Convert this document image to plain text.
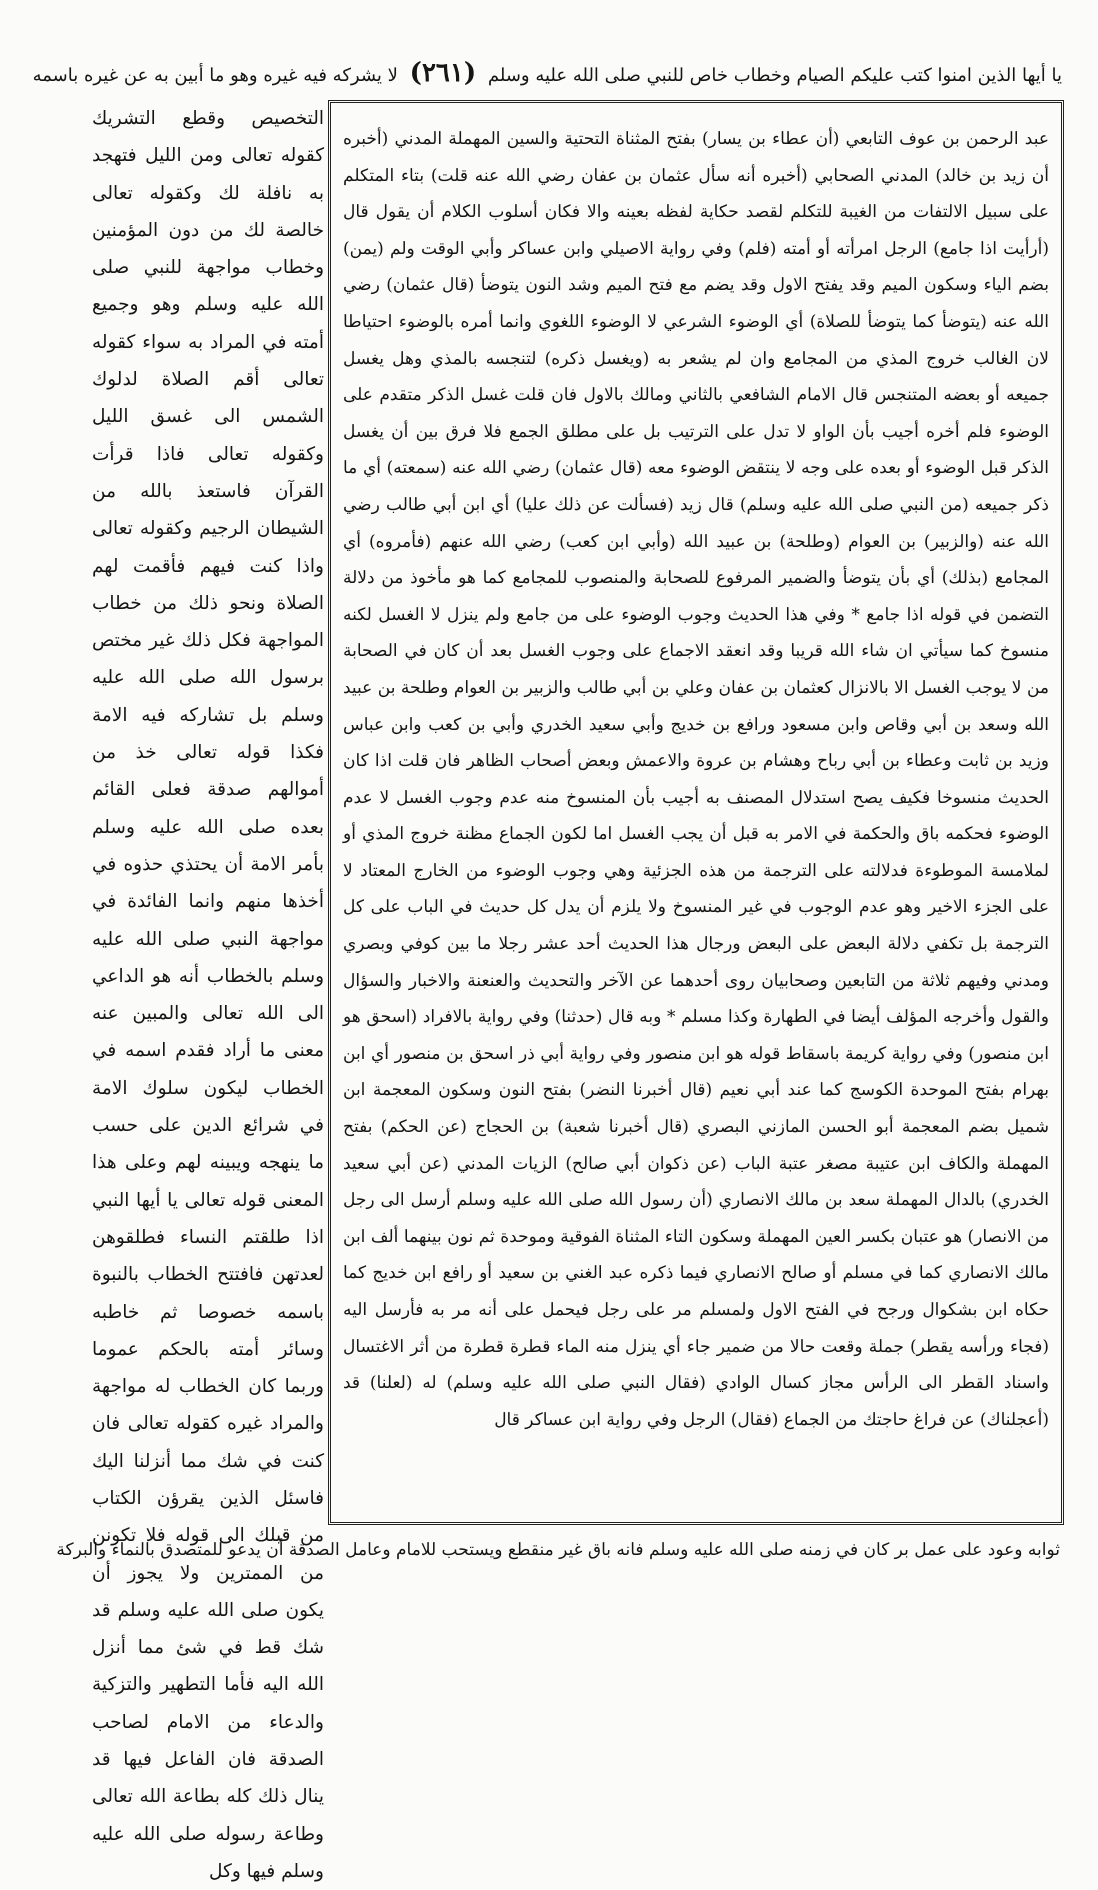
يا أيها الذين امنوا كتب عليكم الصيام وخطاب خاص للنبي صلى الله عليه وسلم (٢٦١) لا يشركه فيه غيره وهو ما أبين به عن غيره باسمه

التخصيص وقطع التشريك كقوله تعالى ومن الليل فتهجد به نافلة لك وكقوله تعالى خالصة لك من دون المؤمنين وخطاب مواجهة للنبي صلى الله عليه وسلم وهو وجميع أمته في المراد به سواء كقوله تعالى أقم الصلاة لدلوك الشمس الى غسق الليل وكقوله تعالى فاذا قرأت القرآن فاستعذ بالله من الشيطان الرجيم وكقوله تعالى واذا كنت فيهم فأقمت لهم الصلاة ونحو ذلك من خطاب المواجهة فكل ذلك غير مختص برسول الله صلى الله عليه وسلم بل تشاركه فيه الامة فكذا قوله تعالى خذ من أموالهم صدقة فعلى القائم بعده صلى الله عليه وسلم بأمر الامة أن يحتذي حذوه في أخذها منهم وانما الفائدة في مواجهة النبي صلى الله عليه وسلم بالخطاب أنه هو الداعي الى الله تعالى والمبين عنه معنى ما أراد فقدم اسمه في الخطاب ليكون سلوك الامة في شرائع الدين على حسب ما ينهجه ويبينه لهم وعلى هذا المعنى قوله تعالى يا أيها النبي اذا طلقتم النساء فطلقوهن لعدتهن فافتتح الخطاب بالنبوة باسمه خصوصا ثم خاطبه وسائر أمته بالحكم عموما وربما كان الخطاب له مواجهة والمراد غيره كقوله تعالى فان كنت في شك مما أنزلنا اليك فاسئل الذين يقرؤن الكتاب من قبلك الى قوله فلا تكونن من الممترين ولا يجوز أن يكون صلى الله عليه وسلم قد شك قط في شئ مما أنزل الله اليه فأما التطهير والتزكية والدعاء من الامام لصاحب الصدقة فان الفاعل فيها قد ينال ذلك كله بطاعة الله تعالى وطاعة رسوله صلى الله عليه وسلم فيها وكل

عبد الرحمن بن عوف التابعي (أن عطاء بن يسار) بفتح المثناة التحتية والسين المهملة المدني (أخبره أن زيد بن خالد) المدني الصحابي (أخبره أنه سأل عثمان بن عفان رضي الله عنه قلت) بتاء المتكلم على سبيل الالتفات من الغيبة للتكلم لقصد حكاية لفظه بعينه والا فكان أسلوب الكلام أن يقول قال (أرأيت اذا جامع) الرجل امرأته أو أمته (فلم) وفي رواية الاصيلي وابن عساكر وأبي الوقت ولم (يمن) بضم الياء وسكون الميم وقد يفتح الاول وقد يضم مع فتح الميم وشد النون يتوضأ (قال عثمان) رضي الله عنه (يتوضأ كما يتوضأ للصلاة) أي الوضوء الشرعي لا الوضوء اللغوي وانما أمره بالوضوء احتياطا لان الغالب خروج المذي من المجامع وان لم يشعر به (ويغسل ذكره) لتنجسه بالمذي وهل يغسل جميعه أو بعضه المتنجس قال الامام الشافعي بالثاني ومالك بالاول فان قلت غسل الذكر متقدم على الوضوء فلم أخره أجيب بأن الواو لا تدل على الترتيب بل على مطلق الجمع فلا فرق بين أن يغسل الذكر قبل الوضوء أو بعده على وجه لا ينتقض الوضوء معه (قال عثمان) رضي الله عنه (سمعته) أي ما ذكر جميعه (من النبي صلى الله عليه وسلم) قال زيد (فسألت عن ذلك عليا) أي ابن أبي طالب رضي الله عنه (والزبير) بن العوام (وطلحة) بن عبيد الله (وأبي ابن كعب) رضي الله عنهم (فأمروه) أي المجامع (بذلك) أي بأن يتوضأ والضمير المرفوع للصحابة والمنصوب للمجامع كما هو مأخوذ من دلالة التضمن في قوله اذا جامع * وفي هذا الحديث وجوب الوضوء على من جامع ولم ينزل لا الغسل لكنه منسوخ كما سيأتي ان شاء الله قريبا وقد انعقد الاجماع على وجوب الغسل بعد أن كان في الصحابة من لا يوجب الغسل الا بالانزال كعثمان بن عفان وعلي بن أبي طالب والزبير بن العوام وطلحة بن عبيد الله وسعد بن أبي وقاص وابن مسعود ورافع بن خديج وأبي سعيد الخدري وأبي بن كعب وابن عباس وزيد بن ثابت وعطاء بن أبي رباح وهشام بن عروة والاعمش وبعض أصحاب الظاهر فان قلت اذا كان الحديث منسوخا فكيف يصح استدلال المصنف به أجيب بأن المنسوخ منه عدم وجوب الغسل لا عدم الوضوء فحكمه باق والحكمة في الامر به قبل أن يجب الغسل اما لكون الجماع مظنة خروج المذي أو لملامسة الموطوءة فدلالته على الترجمة من هذه الجزئية وهي وجوب الوضوء من الخارج المعتاد لا على الجزء الاخير وهو عدم الوجوب في غير المنسوخ ولا يلزم أن يدل كل حديث في الباب على كل الترجمة بل تكفي دلالة البعض على البعض ورجال هذا الحديث أحد عشر رجلا ما بين كوفي وبصري ومدني وفيهم ثلاثة من التابعين وصحابيان روى أحدهما عن الآخر والتحديث والعنعنة والاخبار والسؤال والقول وأخرجه المؤلف أيضا في الطهارة وكذا مسلم * وبه قال (حدثنا) وفي رواية بالافراد (اسحق هو ابن منصور) وفي رواية كريمة باسقاط قوله هو ابن منصور وفي رواية أبي ذر اسحق بن منصور أي ابن بهرام بفتح الموحدة الكوسج كما عند أبي نعيم (قال أخبرنا النضر) بفتح النون وسكون المعجمة ابن شميل بضم المعجمة أبو الحسن المازني البصري (قال أخبرنا شعبة) بن الحجاج (عن الحكم) بفتح المهملة والكاف ابن عتيبة مصغر عتبة الباب (عن ذكوان أبي صالح) الزيات المدني (عن أبي سعيد الخدري) بالدال المهملة سعد بن مالك الانصاري (أن رسول الله صلى الله عليه وسلم أرسل الى رجل من الانصار) هو عتبان بكسر العين المهملة وسكون التاء المثناة الفوقية وموحدة ثم نون بينهما ألف ابن مالك الانصاري كما في مسلم أو صالح الانصاري فيما ذكره عبد الغني بن سعيد أو رافع ابن خديج كما حكاه ابن بشكوال ورجح في الفتح الاول ولمسلم مر على رجل فيحمل على أنه مر به فأرسل اليه (فجاء ورأسه يقطر) جملة وقعت حالا من ضمير جاء أي ينزل منه الماء قطرة قطرة من أثر الاغتسال واسناد القطر الى الرأس مجاز كسال الوادي (فقال النبي صلى الله عليه وسلم) له (لعلنا) قد (أعجلناك) عن فراغ حاجتك من الجماع (فقال) الرجل وفي رواية ابن عساكر قال

ثوابه وعود على عمل بر كان في زمنه صلى الله عليه وسلم فانه باق غير منقطع ويستحب للامام وعامل الصدقة أن يدعو للمتصدق بالنماء والبركة
